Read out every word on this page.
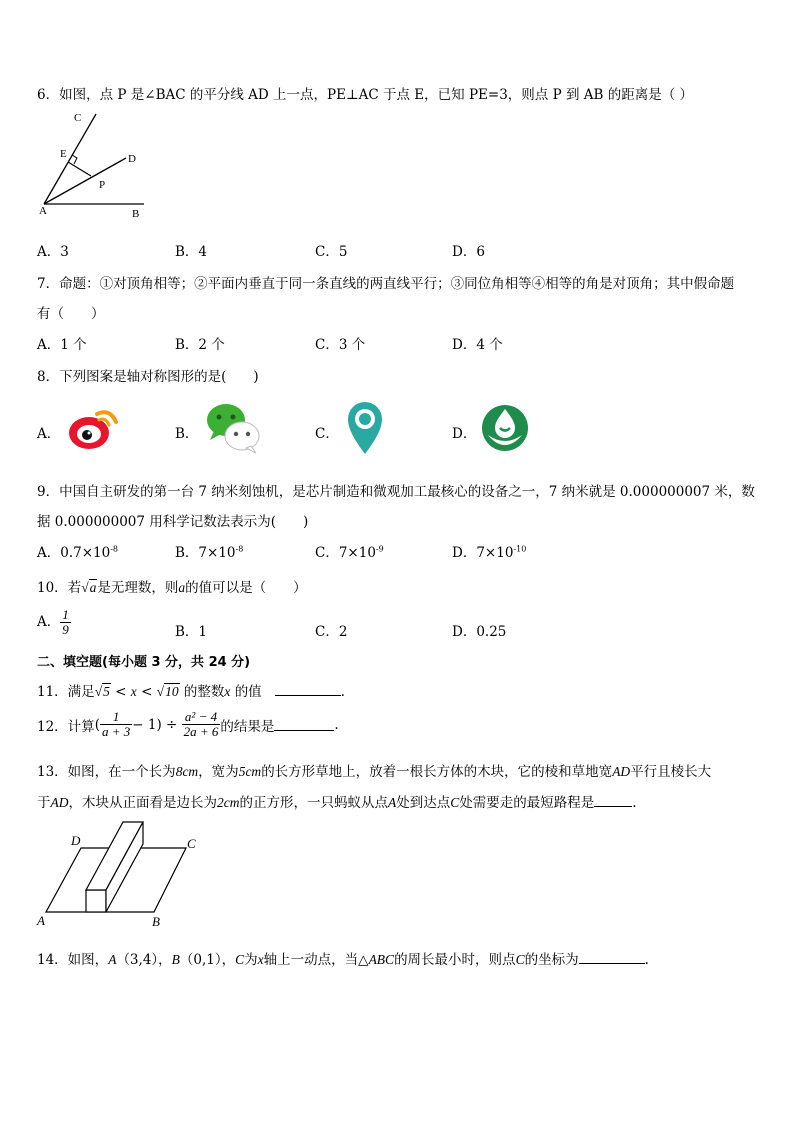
6．如图，点 P 是∠BAC 的平分线 AD 上一点，PE⊥AC 于点 E，已知 PE=3，则点 P 到 AB 的距离是（ ）
C
E	D
P
A	B
A．3	B．4	C．5	D．6
7．命题：①对顶角相等；②平面内垂直于同一条直线的两直线平行；③同位角相等④相等的角是对顶角；其中假命题
有（　　）
A．1 个	B．2 个	C．3 个	D．4 个
8．下列图案是轴对称图形的是(　　)
A．	B．	C．	D．
9．中国自主研发的第一台 7 纳米刻蚀机，是芯片制造和微观加工最核心的设备之一，7 纳米就是 0.000000007 米，数
据 0.000000007 用科学记数法表示为(　　)
A．$0.7\times 10^{-8}$	B．$7\times 10^{-8}$	C．$7\times 10^{-9}$	D．$7\times 10^{-10}$
10．若√a是无理数，则a的值可以是（　　）
A． $\frac{1}{9}$	B．1	C．2	D．0.25
二、填空题(每小题 3 分，共 24 分)
11．满足√5 < x < √10 的整数x 的值	.
12．计算 ( $\frac{1}{a + 3} - 1$)
÷
$\frac{\text{a² − 4}}{2a + 6}$ 的结果是	.
13．如图，在一个长为8cm，宽为5cm的长方形草地上，放着一根长方体的木块，它的棱和草地宽AD平行且棱长大
于AD，木块从正面看是边长为2cm的正方形，一只蚂蚁从点A处到达点C处需要走的最短路程是	.
D	C
A	B
14．如图，A（3,4），B（0,1），C为x轴上一动点，当△ABC的周长最小时，则点C的坐标为	.
